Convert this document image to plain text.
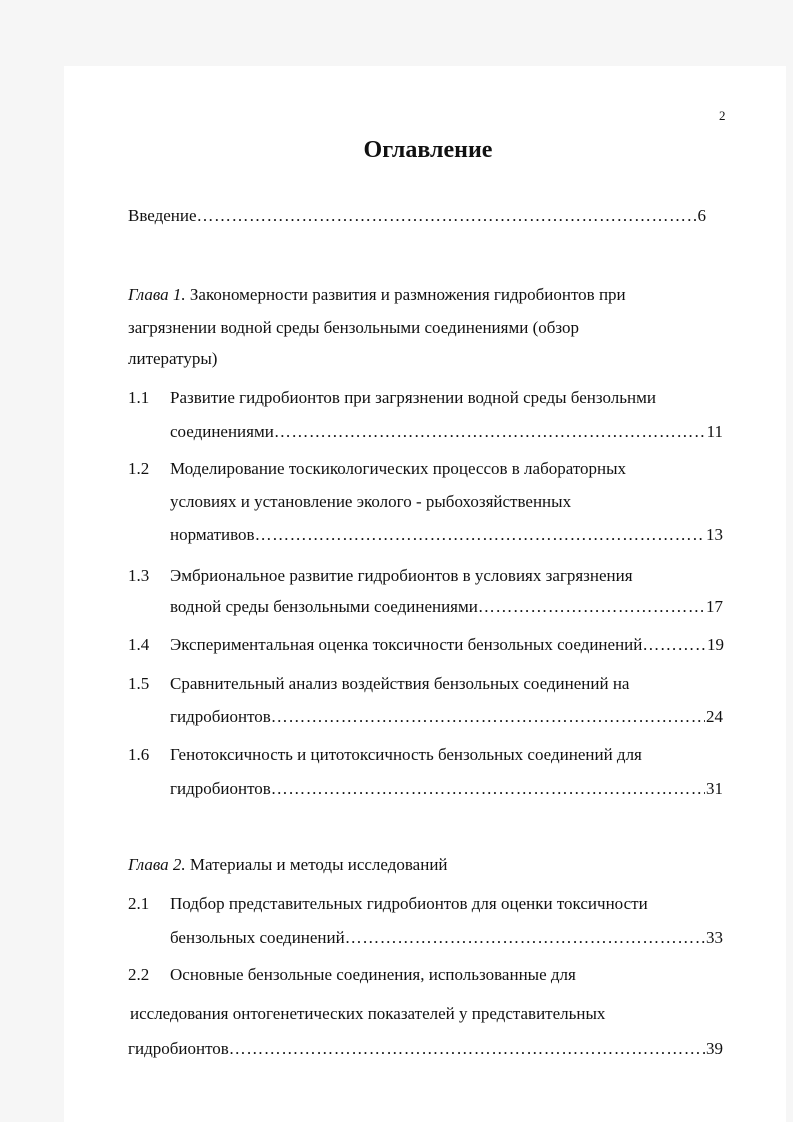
2
Оглавление
Введение …………………………………………………………………………………………………………………………………………………………	6
Глава 1. Закономерности развития и размножения гидробионтов при
загрязнении водной среды бензольными соединениями (обзор
литературы)
1.1 Развитие гидробионтов при загрязнении водной среды бензольнми
соединениями …………………………………………………………………………………………………………………………………………………………	11
1.2 Моделирование тоскикологических процессов в лабораторных
условиях и установление эколого - рыбохозяйственных
нормативов …………………………………………………………………………………………………………………………………………………………	13
1.3 Эмбриональное развитие гидробионтов в условиях загрязнения
водной среды бензольными соединениями …………………………………………………………………………………………………………………………………………………………	17
1.4 Экспериментальная оценка токсичности бензольных соединений …………………………………………………………………………………………………………………………………………………………	19
1.5 Сравнительный анализ воздействия бензольных соединений на
гидробионтов …………………………………………………………………………………………………………………………………………………………	24
1.6 Генотоксичность и цитотоксичность бензольных соединений для
гидробионтов …………………………………………………………………………………………………………………………………………………………	31
Глава 2. Материалы и методы исследований
2.1 Подбор представительных гидробионтов для оценки токсичности
бензольных соединений …………………………………………………………………………………………………………………………………………………………	33
2.2 Основные бензольные соединения, использованные для
исследования онтогенетических показателей у представительных
гидробионтов …………………………………………………………………………………………………………………………………………………………	39
